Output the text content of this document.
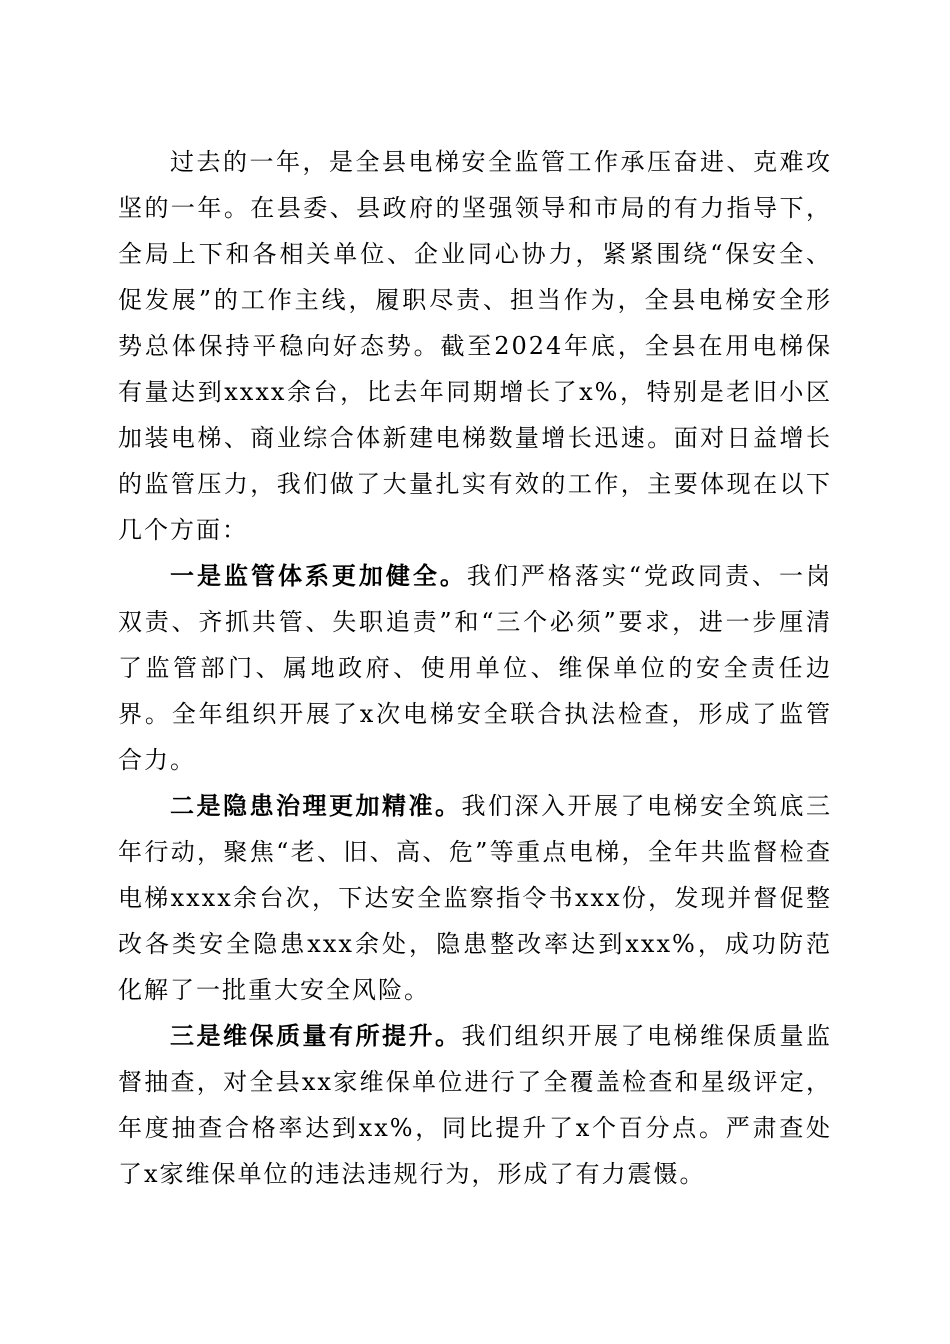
过去的一年，是全县电梯安全监管工作承压奋进、克难攻坚的一年。在县委、县政府的坚强领导和市局的有力指导下，全局上下和各相关单位、企业同心协力，紧紧围绕“保安全、促发展”的工作主线，履职尽责、担当作为，全县电梯安全形势总体保持平稳向好态势。截至2024年底，全县在用电梯保有量达到xxxx余台，比去年同期增长了x%，特别是老旧小区加装电梯、商业综合体新建电梯数量增长迅速。面对日益增长的监管压力，我们做了大量扎实有效的工作，主要体现在以下几个方面：

一是监管体系更加健全。我们严格落实“党政同责、一岗双责、齐抓共管、失职追责”和“三个必须”要求，进一步厘清了监管部门、属地政府、使用单位、维保单位的安全责任边界。全年组织开展了x次电梯安全联合执法检查，形成了监管合力。

二是隐患治理更加精准。我们深入开展了电梯安全筑底三年行动，聚焦“老、旧、高、危”等重点电梯，全年共监督检查电梯xxxx余台次，下达安全监察指令书xxx份，发现并督促整改各类安全隐患xxx余处，隐患整改率达到xxx%，成功防范化解了一批重大安全风险。

三是维保质量有所提升。我们组织开展了电梯维保质量监督抽查，对全县xx家维保单位进行了全覆盖检查和星级评定，年度抽查合格率达到xx%，同比提升了x个百分点。严肃查处了x家维保单位的违法违规行为，形成了有力震慑。
